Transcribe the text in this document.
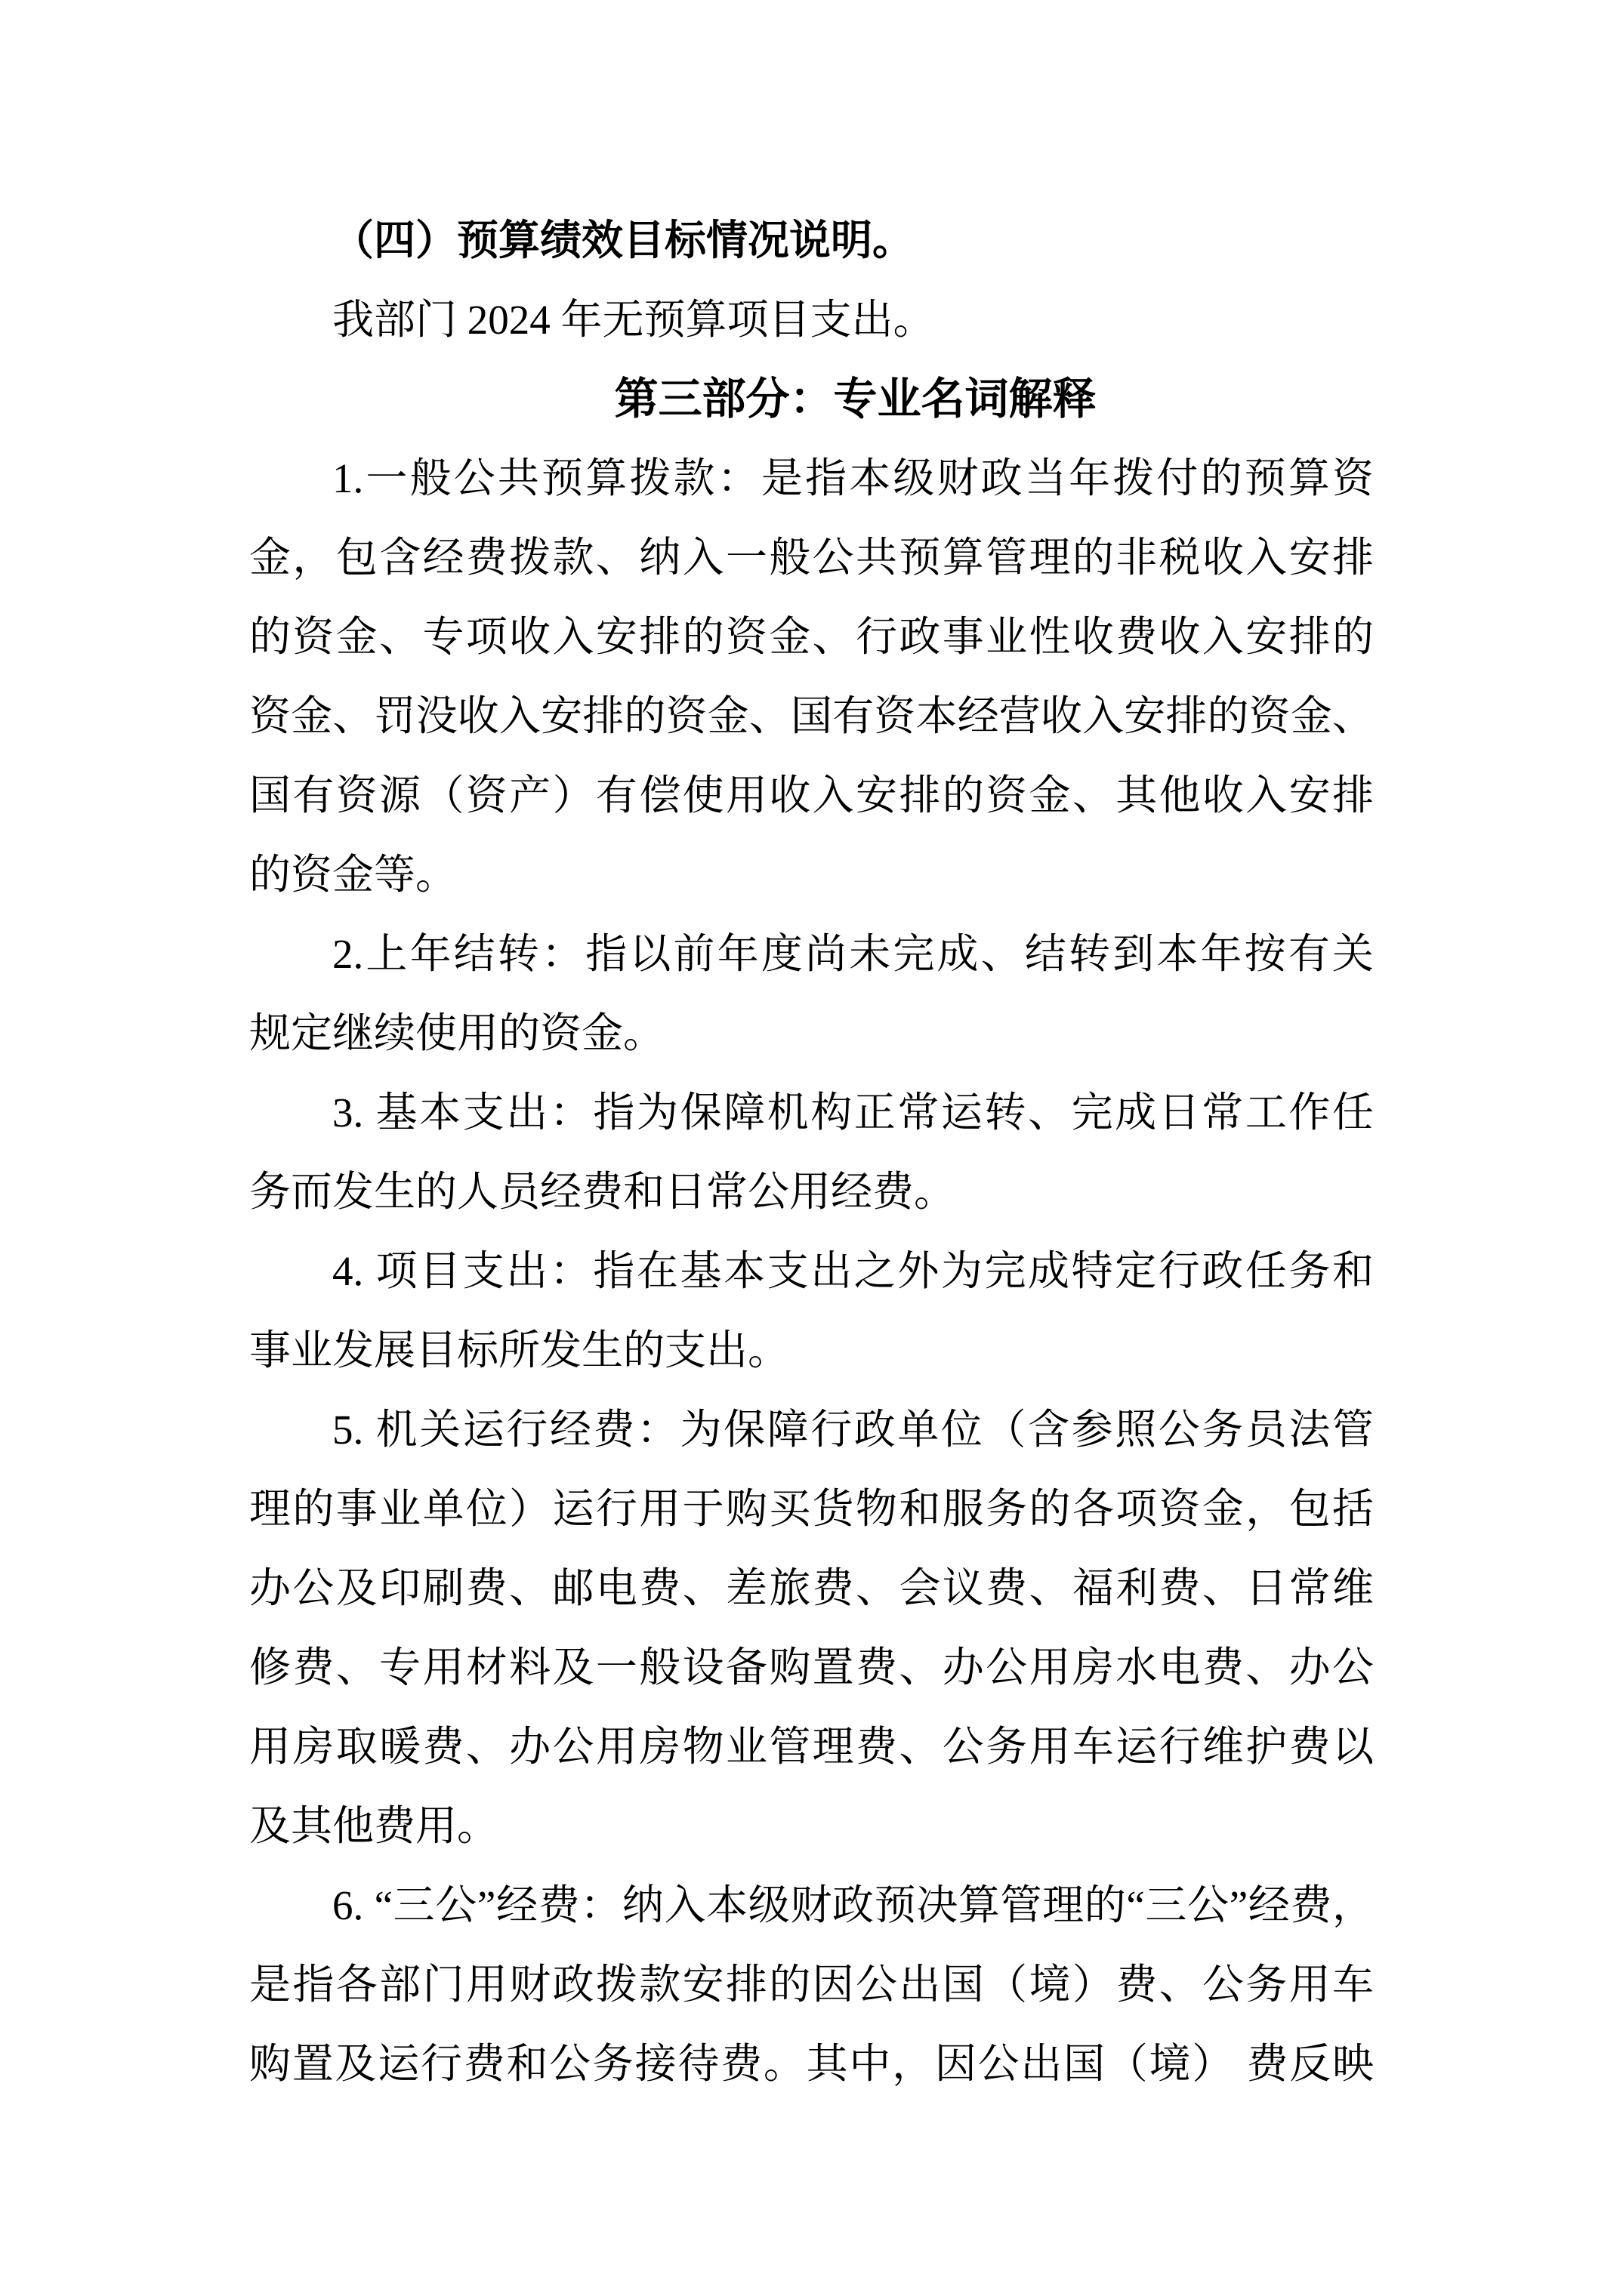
（四）预算绩效目标情况说明。
我部门 2024 年无预算项目支出。
第三部分：专业名词解释
1.一般公共预算拨款：是指本级财政当年拨付的预算资
金，包含经费拨款、纳入一般公共预算管理的非税收入安排
的资金、专项收入安排的资金、行政事业性收费收入安排的
资金、罚没收入安排的资金、国有资本经营收入安排的资金、
国有资源（资产）有偿使用收入安排的资金、其他收入安排
的资金等。
2.上年结转：指以前年度尚未完成、结转到本年按有关
规定继续使用的资金。
3. 基本支出：指为保障机构正常运转、完成日常工作任
务而发生的人员经费和日常公用经费。
4. 项目支出：指在基本支出之外为完成特定行政任务和
事业发展目标所发生的支出。
5. 机关运行经费：为保障行政单位（含参照公务员法管
理的事业单位）运行用于购买货物和服务的各项资金，包括
办公及印刷费、邮电费、差旅费、会议费、福利费、日常维
修费、专用材料及一般设备购置费、办公用房水电费、办公
用房取暖费、办公用房物业管理费、公务用车运行维护费以
及其他费用。
6. “三公”经费：纳入本级财政预决算管理的“三公”经费，
是指各部门用财政拨款安排的因公出国（境）费、公务用车
购置及运行费和公务接待费。其中，因公出国（境） 费反映
